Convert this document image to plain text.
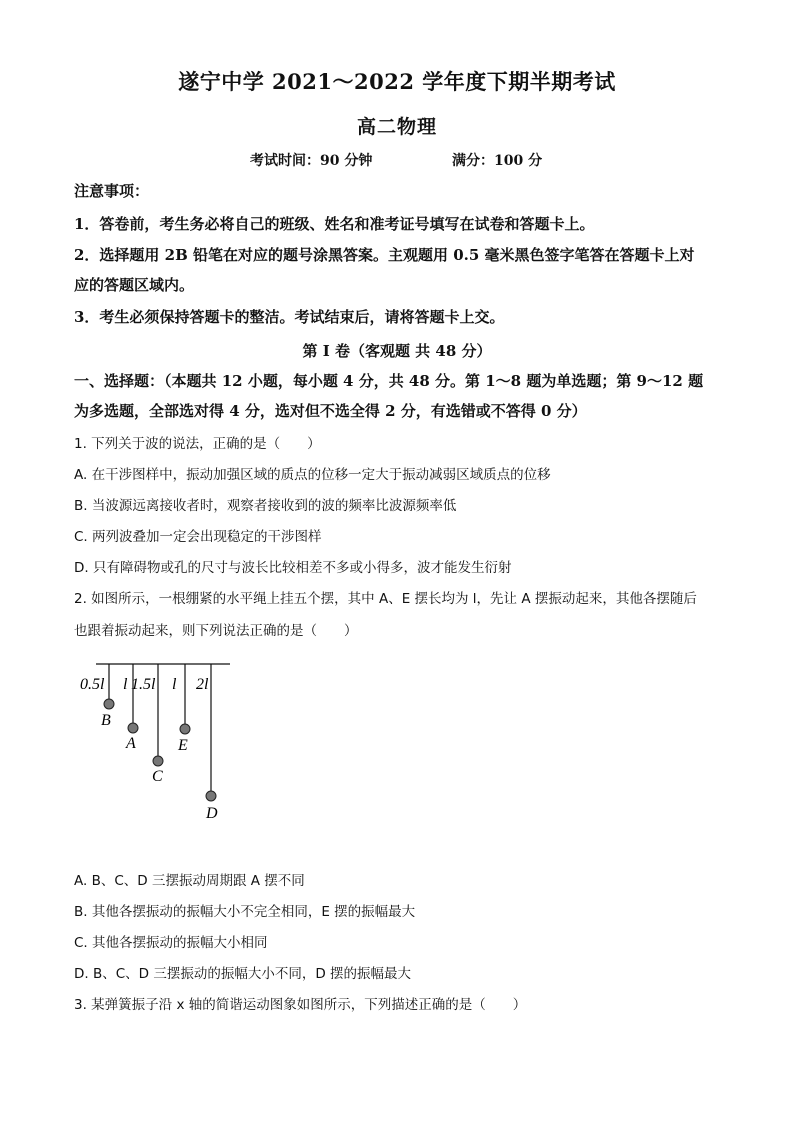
遂宁中学 2021～2022 学年度下期半期考试
高二物理
考试时间：90 分钟	满分：100 分
注意事项：
1．答卷前，考生务必将自己的班级、姓名和准考证号填写在试卷和答题卡上。
2．选择题用 2B 铅笔在对应的题号涂黑答案。主观题用 0.5 毫米黑色签字笔答在答题卡上对
应的答题区域内。
3．考生必须保持答题卡的整洁。考试结束后，请将答题卡上交。
第 Ⅰ 卷（客观题 共 48 分）
一、选择题：（本题共 12 小题，每小题 4 分，共 48 分。第 1～8 题为单选题；第 9～12 题
为多选题，全部选对得 4 分，选对但不选全得 2 分，有选错或不答得 0 分）
1. 下列关于波的说法，正确的是（　　）
A. 在干涉图样中，振动加强区域的质点的位移一定大于振动减弱区域质点的位移
B. 当波源远离接收者时，观察者接收到的波的频率比波源频率低
C. 两列波叠加一定会出现稳定的干涉图样
D. 只有障碍物或孔的尺寸与波长比较相差不多或小得多，波才能发生衍射
2. 如图所示，一根绷紧的水平绳上挂五个摆，其中 A、E 摆长均为 l，先让 A 摆振动起来，其他各摆随后
也跟着振动起来，则下列说法正确的是（　　）
0.5l l 1.5l l 2l
B
A
C
E
D
A. B、C、D 三摆振动周期跟 A 摆不同
B. 其他各摆振动的振幅大小不完全相同，E 摆的振幅最大
C. 其他各摆振动的振幅大小相同
D. B、C、D 三摆振动的振幅大小不同，D 摆的振幅最大
3. 某弹簧振子沿 x 轴的简谐运动图象如图所示，下列描述正确的是（　　）
